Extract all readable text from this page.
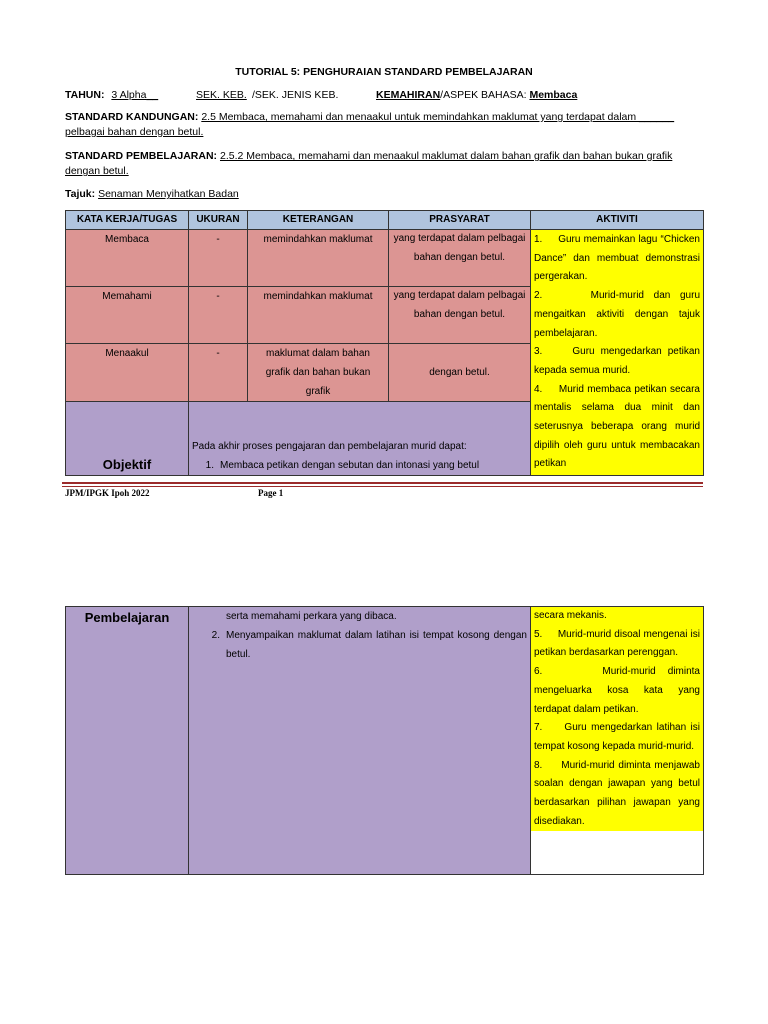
TUTORIAL 5: PENGHURAIAN STANDARD PEMBELAJARAN
TAHUN: 3 Alpha__	SEK. KEB. /SEK. JENIS KEB.	KEMAHIRAN/ASPEK BAHASA: Membaca
STANDARD KANDUNGAN: 2.5 Membaca, memahami dan menaakul untuk memindahkan maklumat yang terdapat dalam ______
pelbagai bahan dengan betul.
STANDARD PEMBELAJARAN: 2.5.2 Membaca, memahami dan menaakul maklumat dalam bahan grafik dan bahan bukan grafik
dengan betul.
Tajuk: Senaman Menyihatkan Badan
KATA KERJA/TUGAS	UKURAN	KETERANGAN	PRASYARAT	AKTIVITI
Membaca	-	memindahkan maklumat	yang terdapat dalam pelbagai bahan dengan betul.	1.     Guru memainkan lagu “Chicken Dance” dan membuat demonstrasi pergerakan.

2.     Murid-murid dan guru mengaitkan aktiviti dengan tajuk pembelajaran.

3.     Guru mengedarkan petikan kepada semua murid.

4.     Murid membaca petikan secara mentalis selama dua minit dan seterusnya beberapa orang murid dipilih oleh guru untuk membacakan petikan

Memahami	-	memindahkan maklumat	yang terdapat dalam pelbagai bahan dengan betul.	
Menaakul	-	maklumat dalam bahan grafik dan bahan bukan grafik	dengan betul.	
Objektif	Pada akhir proses pengajaran dan pembelajaran murid dapat:
1. Membaca petikan dengan sebutan dan intonasi yang betul			
JPM/IPGK Ipoh 2022	Page 1
Pembelajaran	serta memahami perkara yang dibaca.
2. Menyampaikan maklumat dalam latihan isi tempat kosong dengan betul.

secara mekanis.

5.     Murid-murid disoal mengenai isi petikan berdasarkan perenggan.

6.     Murid-murid diminta mengeluarka kosa kata yang terdapat dalam petikan.

7.     Guru mengedarkan latihan isi tempat kosong kepada murid-murid.

8.     Murid-murid diminta menjawab soalan dengan jawapan yang betul berdasarkan pilihan jawapan yang disediakan.
